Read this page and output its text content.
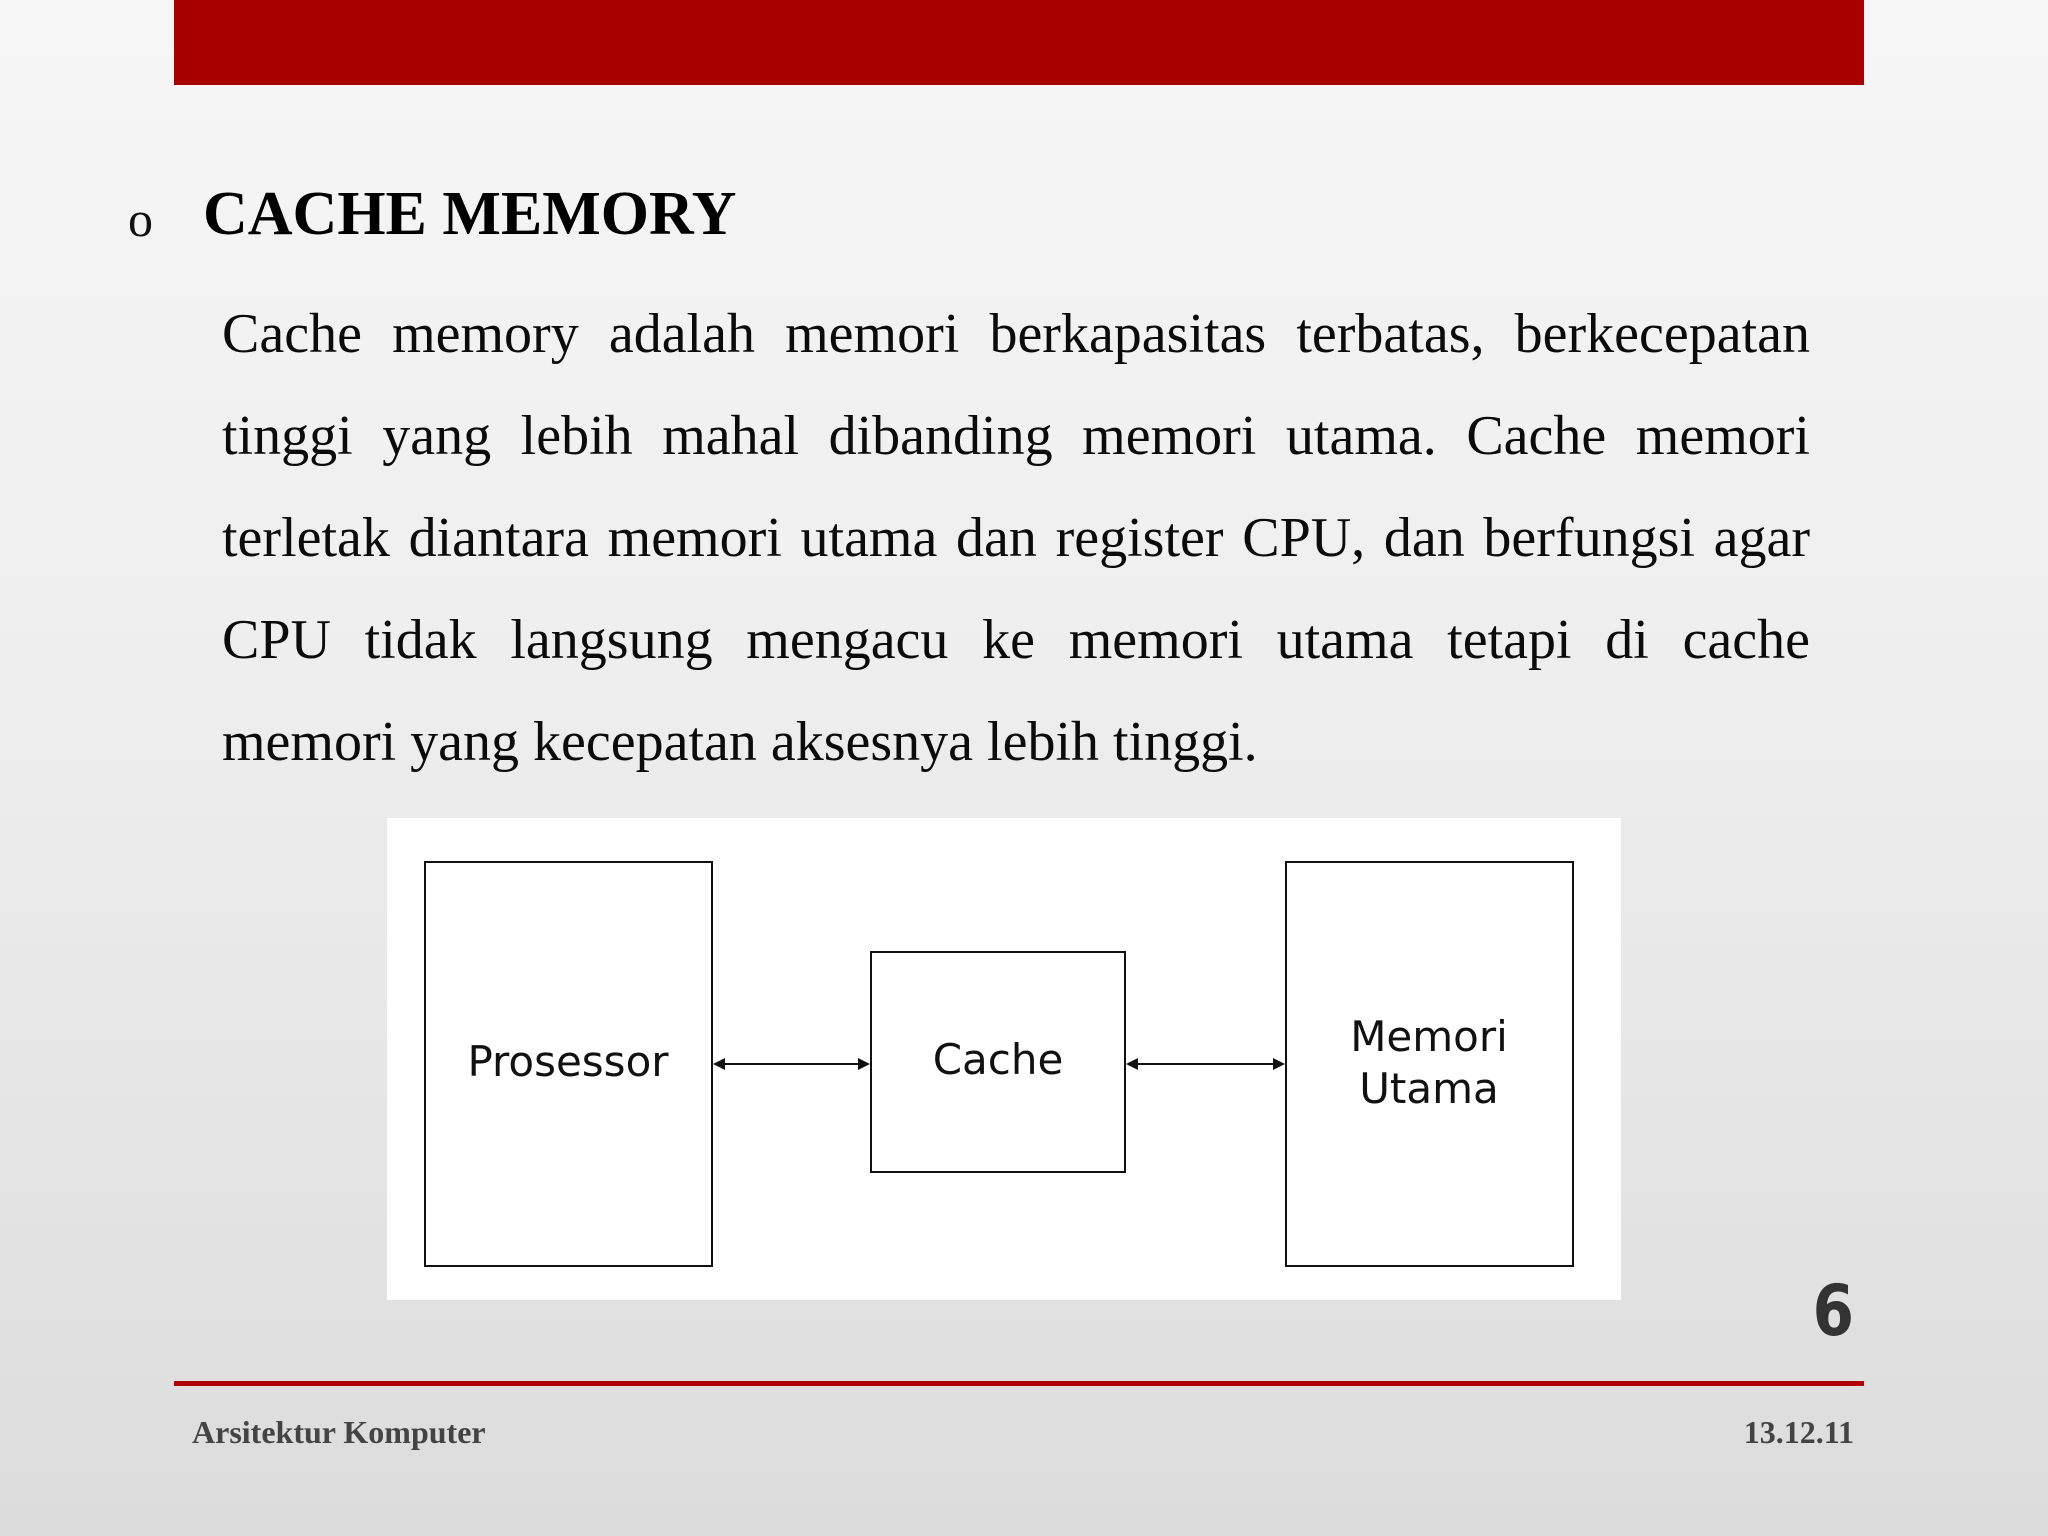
o CACHE MEMORY

Cache memory adalah memori berkapasitas terbatas, berkecepatan tinggi yang lebih mahal dibanding memori utama. Cache memori terletak diantara memori utama dan register CPU, dan berfungsi agar CPU tidak langsung mengacu ke memori utama tetapi di cache memori yang kecepatan aksesnya lebih tinggi.

Prosessor	Cache	Memori
Utama
6
Arsitektur Komputer	13.12.11
